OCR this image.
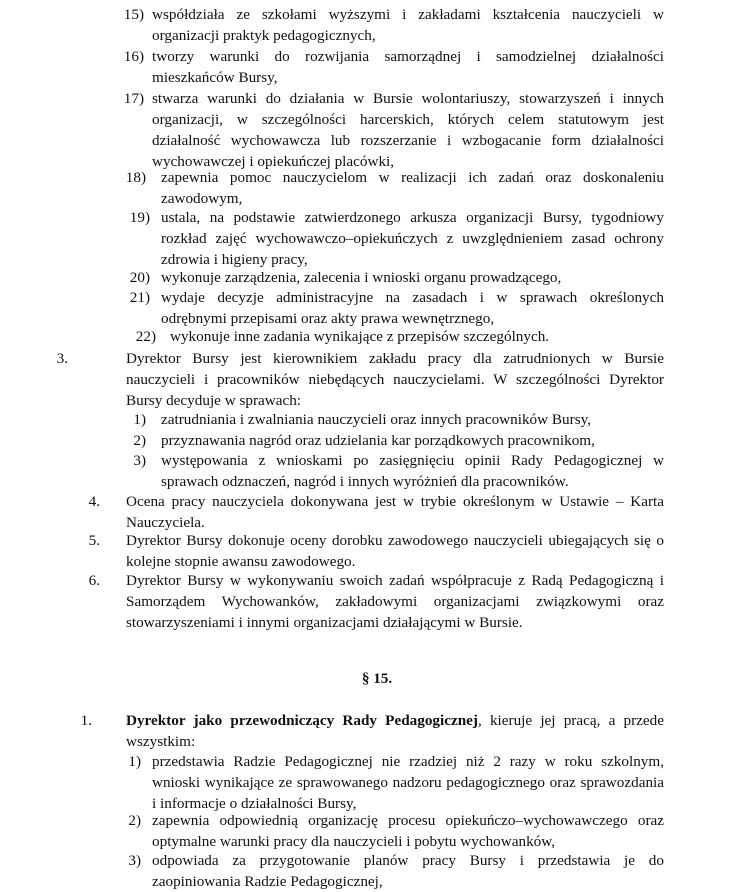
15) współdziała ze szkołami wyższymi i zakładami kształcenia nauczycieli w organizacji praktyk pedagogicznych,
16) tworzy warunki do rozwijania samorządnej i samodzielnej działalności mieszkańców Bursy,
17) stwarza warunki do działania w Bursie wolontariuszy, stowarzyszeń i innych organizacji, w szczególności harcerskich, których celem statutowym jest działalność wychowawcza lub rozszerzanie i wzbogacanie form działalności wychowawczej i opiekuńczej placówki,
18) zapewnia pomoc nauczycielom w realizacji ich zadań oraz doskonaleniu zawodowym,
19) ustala, na podstawie zatwierdzonego arkusza organizacji Bursy, tygodniowy rozkład zajęć wychowawczo–opiekuńczych z uwzględnieniem zasad ochrony zdrowia i higieny pracy,
20) wykonuje zarządzenia, zalecenia i wnioski organu prowadzącego,
21) wydaje decyzje administracyjne na zasadach i w sprawach określonych odrębnymi przepisami oraz akty prawa wewnętrznego,
22) wykonuje inne zadania wynikające z przepisów szczególnych.
3.	Dyrektor Bursy jest kierownikiem zakładu pracy dla zatrudnionych w Bursie nauczycieli i pracowników niebędących nauczycielami. W szczególności Dyrektor Bursy decyduje w sprawach:
1) zatrudniania i zwalniania nauczycieli oraz innych pracowników Bursy,
2) przyznawania nagród oraz udzielania kar porządkowych pracownikom,
3) występowania z wnioskami po zasięgnięciu opinii Rady Pedagogicznej w sprawach odznaczeń, nagród i innych wyróżnień dla pracowników.
4. Ocena pracy nauczyciela dokonywana jest w trybie określonym w Ustawie – Karta Nauczyciela.
5. Dyrektor Bursy dokonuje oceny dorobku zawodowego nauczycieli ubiegających się o kolejne stopnie awansu zawodowego.
6. Dyrektor Bursy w wykonywaniu swoich zadań współpracuje z Radą Pedagogiczną i Samorządem Wychowanków, zakładowymi organizacjami związkowymi oraz stowarzyszeniami i innymi organizacjami działającymi w Bursie.
§ 15.
1. Dyrektor jako przewodniczący Rady Pedagogicznej, kieruje jej pracą, a przede wszystkim:
1) przedstawia Radzie Pedagogicznej nie rzadziej niż 2 razy w roku szkolnym, wnioski wynikające ze sprawowanego nadzoru pedagogicznego oraz sprawozdania i informacje o działalności Bursy,
2) zapewnia odpowiednią organizację procesu opiekuńczo–wychowawczego oraz optymalne warunki pracy dla nauczycieli i pobytu wychowanków,
3) odpowiada za przygotowanie planów pracy Bursy i przedstawia je do zaopiniowania Radzie Pedagogicznej,
